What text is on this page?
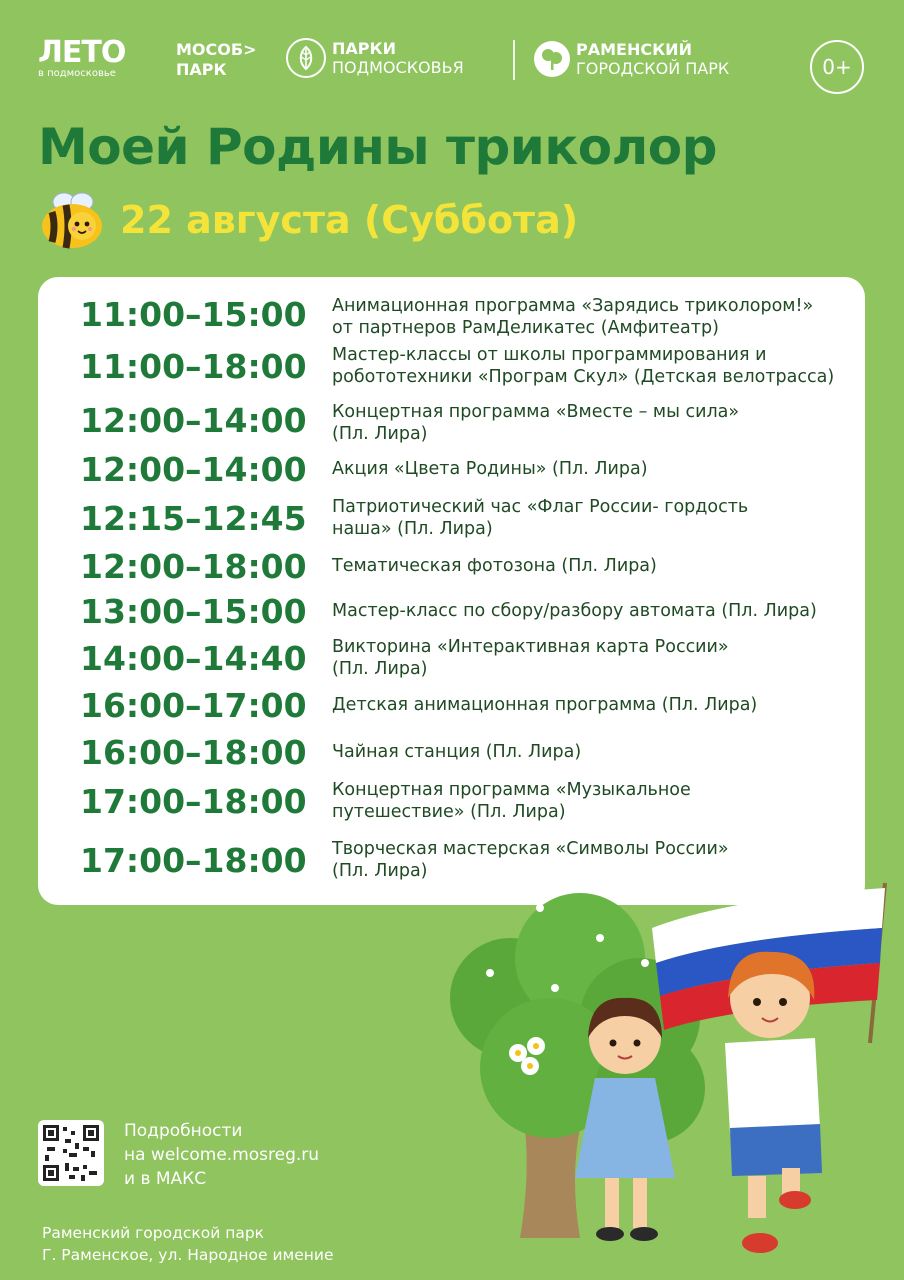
ЛЕТО
в подмосковье
МОСОБ>
ПАРК
ПАРКИ
ПОДМОСКОВЬЯ
РАМЕНСКИЙ
ГОРОДСКОЙ ПАРК	0+
Моей Родины триколор
22 августа (Суббота)
11:00–15:00 Анимационная программа «Зарядись триколором!»
от партнеров РамДеликатес (Амфитеатр)
11:00–18:00 Мастер-классы от школы программирования и
робототехники «Програм Скул» (Детская велотрасса)
12:00–14:00 Концертная программа «Вместе – мы сила»
(Пл. Лира)
12:00–14:00 Акция «Цвета Родины» (Пл. Лира)
12:15–12:45 Патриотический час «Флаг России- гордость
наша» (Пл. Лира)
12:00–18:00 Тематическая фотозона (Пл. Лира)
13:00–15:00 Мастер-класс по сбору/разбору автомата (Пл. Лира)
14:00–14:40 Викторина «Интерактивная карта России»
(Пл. Лира)
16:00–17:00 Детская анимационная программа (Пл. Лира)
16:00–18:00 Чайная станция (Пл. Лира)
17:00–18:00 Концертная программа «Музыкальное
путешествие» (Пл. Лира)
17:00–18:00 Творческая мастерская «Символы России»
(Пл. Лира)
Подробности
на welcome.mosreg.ru
и в МАКС
Раменский городской парк
Г. Раменское, ул. Народное имение
